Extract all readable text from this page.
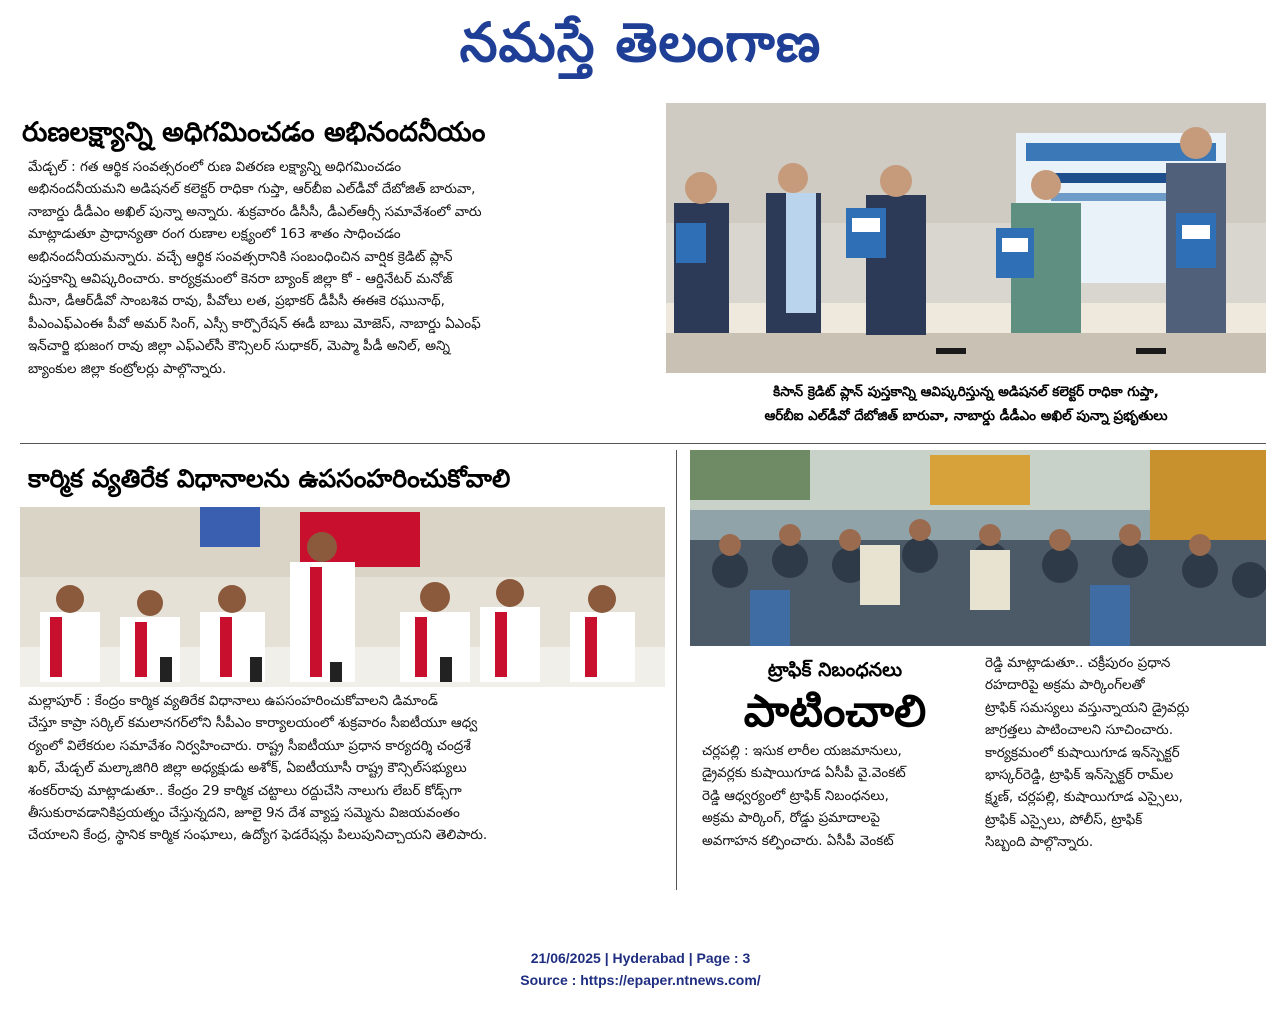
నమస్తే తెలంగాణ
రుణలక్ష్యాన్ని అధిగమించడం అభినందనీయం
మేడ్చల్ : గత ఆర్థిక సంవత్సరంలో రుణ వితరణ లక్ష్యాన్ని అధిగమించడం
అభినందనీయమని అడిషనల్ కలెక్టర్ రాధికా గుప్తా, ఆర్‌బీఐ ఎల్‌డీవో దేబోజిత్ బారువా,
నాబార్డు డీడీఎం అఖిల్ పున్నా అన్నారు. శుక్రవారం డీసీసీ, డీఎల్ఆర్సీ సమావేశంలో వారు
మాట్లాడుతూ ప్రాధాన్యతా రంగ రుణాల లక్ష్యంలో 163 శాతం సాధించడం
అభినందనీయమన్నారు. వచ్చే ఆర్థిక సంవత్సరానికి సంబంధించిన వార్షిక క్రెడిట్ ప్లాన్
పుస్తకాన్ని ఆవిష్కరించారు. కార్యక్రమంలో కెనరా బ్యాంక్ జిల్లా కో - ఆర్డినేటర్ మనోజ్
మీనా, డీఆర్‌డీవో సాంబశివ రావు, పీవోలు లత, ప్రభాకర్ డీపీసీ ఈఈకె రఘునాథ్,
పీఎంఎఫ్ఎంఈ పీవో అమర్ సింగ్, ఎస్సీ కార్పొరేషన్ ఈడీ బాబు మోజెస్, నాబార్డు ఏఎంఫ్
ఇన్‌చార్జి భుజంగ రావు జిల్లా ఎఫ్ఎల్‌సీ కౌన్సిలర్ సుధాకర్, మెప్మా పీడీ అనిల్, అన్ని
బ్యాంకుల జిల్లా కంట్రోలర్లు పాల్గొన్నారు.
కిసాన్ క్రెడిట్ ప్లాన్ పుస్తకాన్ని ఆవిష్కరిస్తున్న అడిషనల్ కలెక్టర్ రాధికా గుప్తా,
ఆర్‌బీఐ ఎల్‌డీవో దేబోజిత్ బారువా, నాబార్డు డీడీఎం అఖిల్ పున్నా ప్రభృతులు
కార్మిక వ్యతిరేక విధానాలను ఉపసంహరించుకోవాలి
మల్లాపూర్ : కేంద్రం కార్మిక వ్యతిరేక విధానాలు ఉపసంహరించుకోవాలని డిమాండ్
చేస్తూ కాప్రా సర్కిల్ కమలానగర్‌లోని సీపీఎం కార్యాలయంలో శుక్రవారం సీఐటీయూ ఆధ్వ
ర్యంలో విలేకరుల సమావేశం నిర్వహించారు. రాష్ట్ర సీఐటీయూ ప్రధాన కార్యదర్శి చంద్రశే
ఖర్, మేడ్చల్ మల్కాజిగిరి జిల్లా అధ్యక్షుడు అశోక్, ఏఐటీయూసీ రాష్ట్ర కౌన్సిల్‌సభ్యులు
శంకర్‌రావు మాట్లాడుతూ.. కేంద్రం 29 కార్మిక చట్టాలు రద్దుచేసి నాలుగు లేబర్ కోడ్స్‌గా
తీసుకురావడానికిప్రయత్నం చేస్తున్నదని, జూలై 9న దేశ వ్యాప్త సమ్మెను విజయవంతం
చేయాలని కేంద్ర, స్థానిక కార్మిక సంఘాలు, ఉద్యోగ ఫెడరేషన్లు పిలుపునిచ్చాయని తెలిపారు.
ట్రాఫిక్ నిబంధనలు
పాటించాలి
చర్లపల్లి : ఇసుక లారీల యజమానులు,
డ్రైవర్లకు కుషాయిగూడ ఏసీపీ వై.వెంకట్
రెడ్డి ఆధ్వర్యంలో ట్రాఫిక్ నిబంధనలు,
అక్రమ పార్కింగ్, రోడ్డు ప్రమాదాలపై
అవగాహన కల్పించారు. ఏసీపీ వెంకట్
రెడ్డి మాట్లాడుతూ.. చక్రీపురం ప్రధాన
రహదారిపై అక్రమ పార్కింగ్‌లతో
ట్రాఫిక్ సమస్యలు వస్తున్నాయని డ్రైవర్లు
జాగ్రత్తలు పాటించాలని సూచించారు.
కార్యక్రమంలో కుషాయిగూడ ఇన్‌స్పెక్టర్
భాస్కర్‌రెడ్డి, ట్రాఫిక్ ఇన్‌స్పెక్టర్ రామ్‌ల
క్ష్మణ్, చర్లపల్లి, కుషాయిగూడ ఎస్సైలు,
ట్రాఫిక్ ఎస్సైలు, పోలీస్, ట్రాఫిక్
సిబ్బంది పాల్గొన్నారు.
21/06/2025 | Hyderabad | Page : 3
Source : https://epaper.ntnews.com/
